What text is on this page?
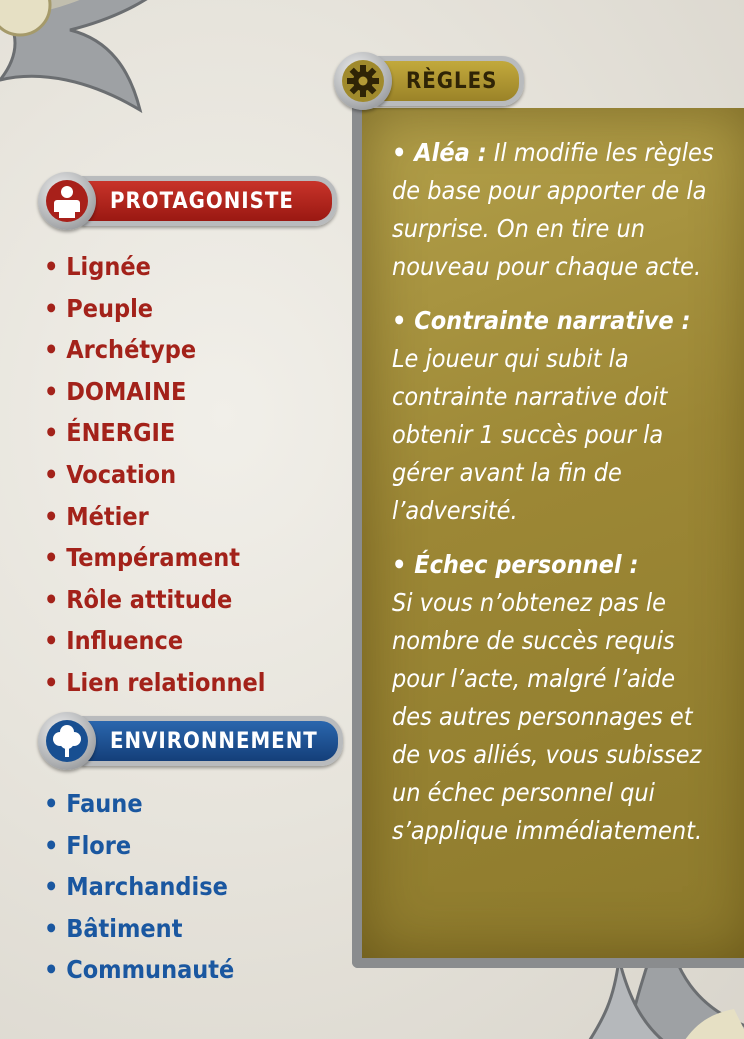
• Aléa : Il modifie les règles de base pour apporter de la surprise. On en tire un nouveau pour chaque acte.
• Contrainte narrative :
Le joueur qui subit la contrainte narrative doit obtenir 1 succès pour la gérer avant la fin de l’adversité.
• Échec personnel :
Si vous n’obtenez pas le nombre de succès requis pour l’acte, malgré l’aide des autres personnages et de vos alliés, vous subissez un échec personnel qui s’applique immédiatement.
RÈGLES
PROTAGONISTE
• Lignée
• Peuple
• Archétype
• DOMAINE
• ÉNERGIE
• Vocation
• Métier
• Tempérament
• Rôle attitude
• Influence
• Lien relationnel
ENVIRONNEMENT
• Faune
• Flore
• Marchandise
• Bâtiment
• Communauté
